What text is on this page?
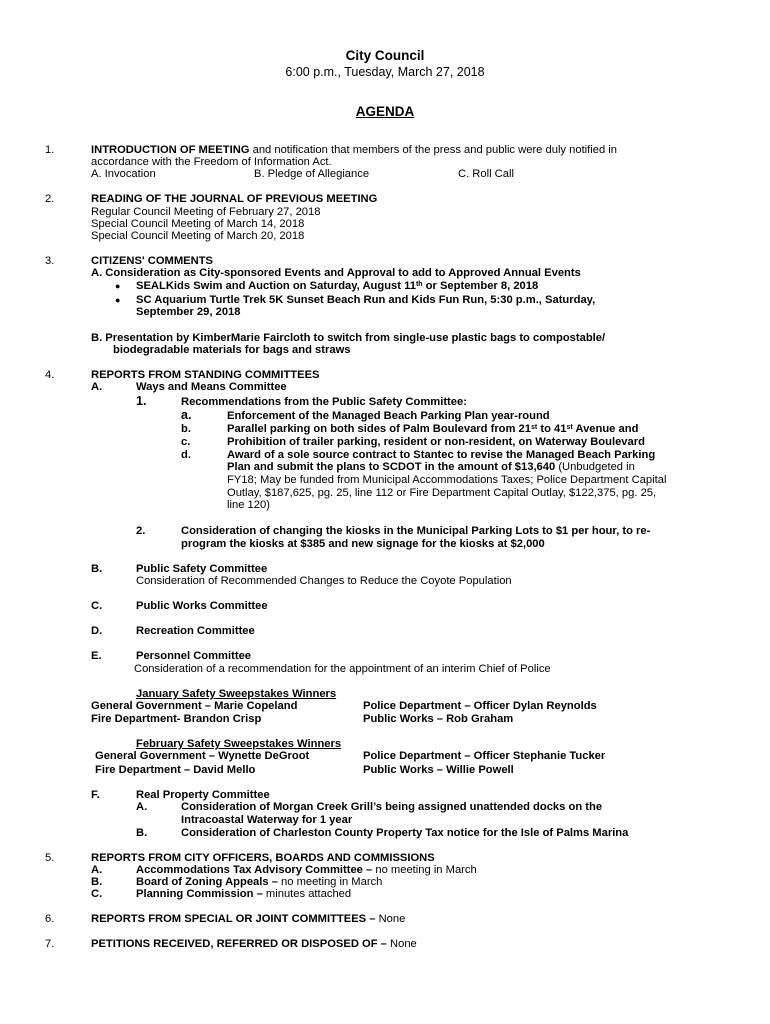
City Council
6:00 p.m., Tuesday, March 27, 2018
AGENDA
1.	INTRODUCTION OF MEETING and notification that members of the press and public were duly notified in
accordance with the Freedom of Information Act.
A. Invocation	B. Pledge of Allegiance	C. Roll Call
2.	READING OF THE JOURNAL OF PREVIOUS MEETING
Regular Council Meeting of February 27, 2018
Special Council Meeting of March 14, 2018
Special Council Meeting of March 20, 2018
3.	CITIZENS' COMMENTS
A. Consideration as City-sponsored Events and Approval to add to Approved Annual Events
● SEALKids Swim and Auction on Saturday, August 11th or September 8, 2018
● SC Aquarium Turtle Trek 5K Sunset Beach Run and Kids Fun Run, 5:30 p.m., Saturday,
September 29, 2018
B. Presentation by KimberMarie Faircloth to switch from single-use plastic bags to compostable/
biodegradable materials for bags and straws
4.	REPORTS FROM STANDING COMMITTEES
A.	Ways and Means Committee
1.	Recommendations from the Public Safety Committee:
a.	Enforcement of the Managed Beach Parking Plan year-round
b.	Parallel parking on both sides of Palm Boulevard from 21st to 41st Avenue and
c.	Prohibition of trailer parking, resident or non-resident, on Waterway Boulevard
d.	Award of a sole source contract to Stantec to revise the Managed Beach Parking
Plan and submit the plans to SCDOT in the amount of $13,640 (Unbudgeted in
FY18; May be funded from Municipal Accommodations Taxes; Police Department Capital
Outlay, $187,625, pg. 25, line 112 or Fire Department Capital Outlay, $122,375, pg. 25,
line 120)
2.	Consideration of changing the kiosks in the Municipal Parking Lots to $1 per hour, to re-
program the kiosks at $385 and new signage for the kiosks at $2,000
B.	Public Safety Committee
Consideration of Recommended Changes to Reduce the Coyote Population
C.	Public Works Committee
D.	Recreation Committee
E.	Personnel Committee
Consideration of a recommendation for the appointment of an interim Chief of Police
January Safety Sweepstakes Winners
General Government – Marie Copeland	Police Department – Officer Dylan Reynolds
Fire Department- Brandon Crisp	Public Works – Rob Graham
February Safety Sweepstakes Winners
General Government – Wynette DeGroot	Police Department – Officer Stephanie Tucker
Fire Department – David Mello	Public Works – Willie Powell
F.	Real Property Committee
A.	Consideration of Morgan Creek Grill’s being assigned unattended docks on the
Intracoastal Waterway for 1 year
B.	Consideration of Charleston County Property Tax notice for the Isle of Palms Marina
5.	REPORTS FROM CITY OFFICERS, BOARDS AND COMMISSIONS
A.	Accommodations Tax Advisory Committee – no meeting in March
B.	Board of Zoning Appeals – no meeting in March
C.	Planning Commission – minutes attached
6.	REPORTS FROM SPECIAL OR JOINT COMMITTEES – None
7.	PETITIONS RECEIVED, REFERRED OR DISPOSED OF – None
